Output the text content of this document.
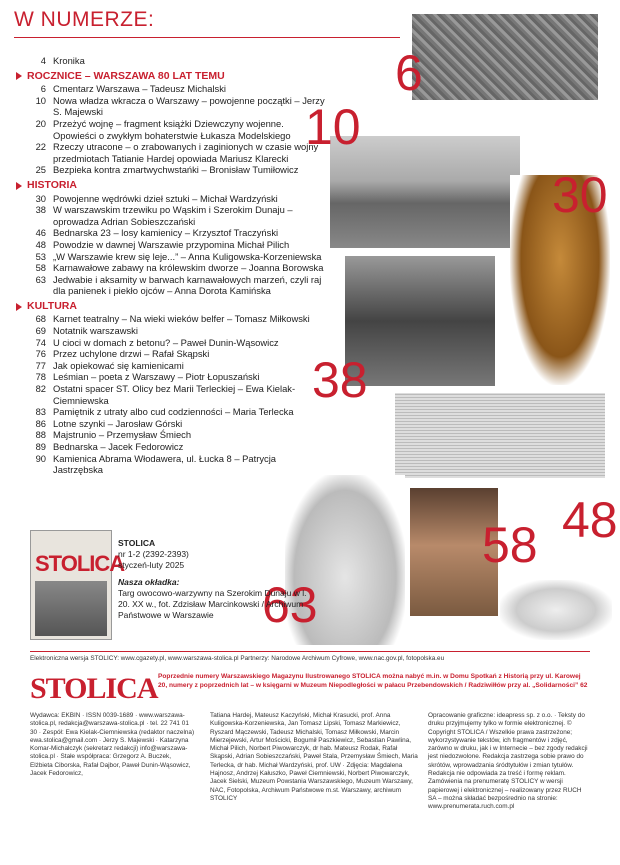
W NUMERZE:
4 Kronika
ROCZNICE – WARSZAWA 80 LAT TEMU
6 Cmentarz Warszawa – Tadeusz Michalski
10 Nowa władza wkracza o Warszawy – powojenne początki – Jerzy S. Majewski
20 Przeżyć wojnę – fragment książki Dziewczyny wojenne. Opowieści o zwykłym bohaterstwie Łukasza Modelskiego
22 Rzeczy utracone – o zrabowanych i zaginionych w czasie wojny przedmiotach Tatianie Hardej opowiada Mariusz Klarecki
25 Bezpieka kontra zmartwychwstańki – Bronisław Tumiłowicz
HISTORIA
30 Powojenne wędrówki dzieł sztuki – Michał Wardzyński
38 W warszawskim trzewiku po Wąskim i Szerokim Dunaju – oprowadza Adrian Sobieszczański
46 Bednarska 23 – losy kamienicy – Krzysztof Traczyński
48 Powodzie w dawnej Warszawie przypomina Michał Pilich
53 „W Warszawie krew się leje...” – Anna Kuligowska-Korzeniewska
58 Karnawałowe zabawy na królewskim dworze – Joanna Borowska
63 Jedwabie i aksamity w barwach karnawałowych marzeń, czyli raj dla panienek i piekło ojców – Anna Dorota Kamińska
KULTURA
68 Karnet teatralny – Na wieki wieków belfer – Tomasz Miłkowski
69 Notatnik warszawski
74 U cioci w domach z betonu? – Paweł Dunin-Wąsowicz
76 Przez uchylone drzwi – Rafał Skąpski
77 Jak opiekować się kamienicami
78 Leśmian – poeta z Warszawy – Piotr Łopuszański
82 Ostatni spacer ST. Olicy bez Marii Terleckiej – Ewa Kielak-Ciemniewska
83 Pamiętnik z utraty albo cud codzienności – Maria Terlecka
86 Lotne szynki – Jarosław Górski
88 Majstrunio – Przemysław Śmiech
89 Bednarska – Jacek Fedorowicz
90 Kamienica Abrama Włodawera, ul. Łucka 8 – Patrycja Jastrzębska
6
10
30
38
48
58
63
STOLICA
STOLICA
nr 1-2 (2392-2393)
styczeń-luty 2025
Nasza okładka:
Targ owocowo-warzywny na Szerokim Dunaju w l. 20. XX w., fot. Zdzisław Marcinkowski / Archiwum Państwowe w Warszawie
Elektroniczna wersja STOLICY: www.cgazety.pl, www.warszawa-stolica.pl Partnerzy: Narodowe Archiwum Cyfrowe, www.nac.gov.pl, fotopolska.eu
STOLICA Poprzednie numery Warszawskiego Magazynu Ilustrowanego STOLICA można nabyć m.in. w Domu Spotkań z Historią przy ul. Karowej 20, numery z poprzednich lat – w księgarni w Muzeum Niepodległości w pałacu Przebendowskich / Radziwiłłów przy al. „Solidarności” 62
Wydawca: EKBIN · ISSN 0039-1689 · www.warszawa-stolica.pl, redakcja@warszawa-stolica.pl · tel. 22 741 01 30 · Zespół: Ewa Kielak-Ciemniewska (redaktor naczelna) ewa.stolica@gmail.com · Jerzy S. Majewski · Katarzyna Komar-Michalczyk (sekretarz redakcji) info@warszawa-stolica.pl · Stałe współpraca: Grzegorz A. Buczek, Elżbieta Ciborska, Rafał Dajbor, Paweł Dunin-Wąsowicz, Jacek Fedorowicz,
Tatiana Hardej, Mateusz Kaczyński, Michał Krasucki, prof. Anna Kuligowska-Korzeniewska, Jan Tomasz Lipski, Tomasz Markiewicz, Ryszard Mączewski, Tadeusz Michalski, Tomasz Miłkowski, Marcin Mierzejewski, Artur Mościcki, Bogumił Paszkiewicz, Sebastian Pawlina, Michał Pilich, Norbert Piwowarczyk, dr hab. Mateusz Rodak, Rafał Skąpski, Adrian Sobieszczański, Paweł Stala, Przemysław Śmiech, Maria Terlecka, dr hab. Michał Wardzyński, prof. UW · Zdjęcia: Magdalena Hajnosz, Andrzej Kałuszko, Paweł Ciemniewski, Norbert Piwowarczyk, Jacek Sielski, Muzeum Powstania Warszawskiego, Muzeum Warszawy, NAC, Fotopolska, Archiwum Państwowe m.st. Warszawy, archiwum STOLICY
Opracowanie graficzne: ideapress sp. z o.o. · Teksty do druku przyjmujemy tylko w formie elektronicznej. © Copyright STOLICA / Wszelkie prawa zastrzeżone; wykorzystywanie tekstów, ich fragmentów i zdjęć, zarówno w druku, jak i w Internecie – bez zgody redakcji jest niedozwolone. Redakcja zastrzega sobie prawo do skrótów, wprowadzania śródtytułów i zmian tytułów. Redakcja nie odpowiada za treść i formę reklam. Zamówienia na prenumeratę STOLICY w wersji papierowej i elektronicznej – realizowany przez RUCH SA – można składać bezpośrednio na stronie: www.prenumerata.ruch.com.pl
